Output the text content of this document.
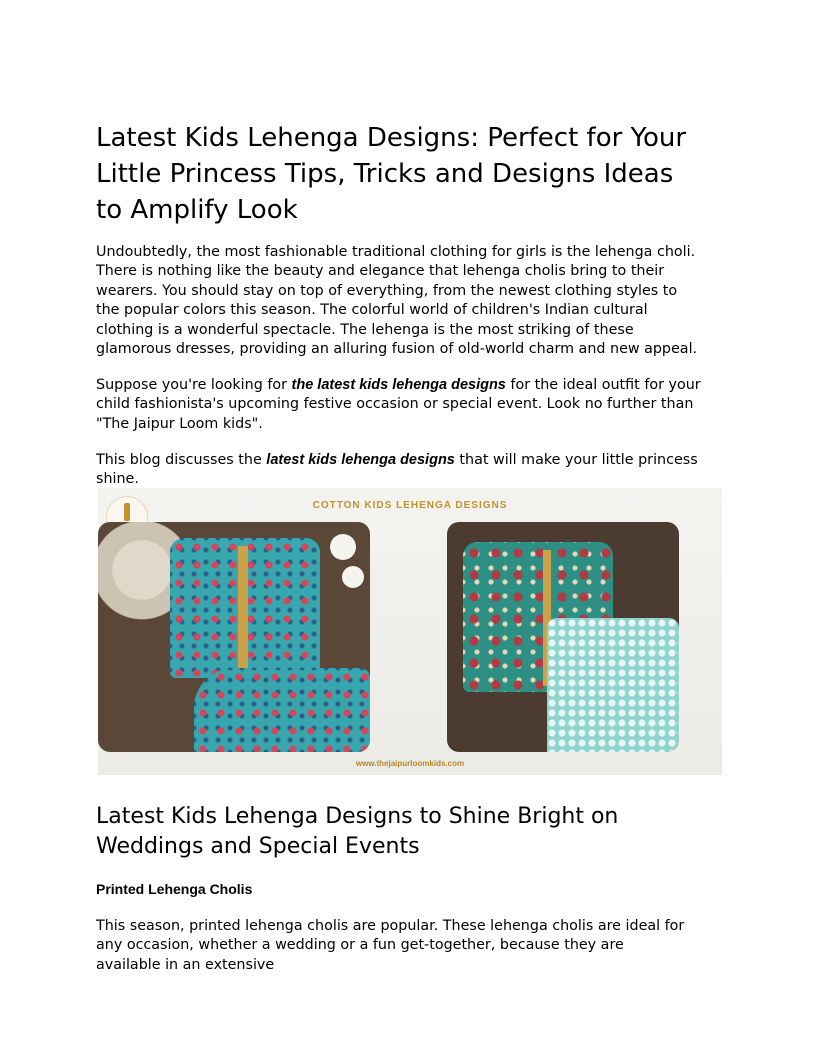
Latest Kids Lehenga Designs: Perfect for Your
Little Princess Tips, Tricks and Designs Ideas
to Amplify Look

Undoubtedly, the most fashionable traditional clothing for girls is the lehenga choli.
There is nothing like the beauty and elegance that lehenga cholis bring to their
wearers. You should stay on top of everything, from the newest clothing styles to
the popular colors this season. The colorful world of children's Indian cultural
clothing is a wonderful spectacle. The lehenga is the most striking of these
glamorous dresses, providing an alluring fusion of old-world charm and new appeal.

Suppose you're looking for the latest kids lehenga designs for the ideal outfit for your
child fashionista's upcoming festive occasion or special event. Look no further than
"The Jaipur Loom kids".

This blog discusses the latest kids lehenga designs that will make your little princess
shine.

COTTON KIDS LEHENGA DESIGNS
www.thejaipurloomkids.com
Latest Kids Lehenga Designs to Shine Bright on
Weddings and Special Events
Printed Lehenga Cholis

This season, printed lehenga cholis are popular. These lehenga cholis are ideal for
any occasion, whether a wedding or a fun get-together, because they are
available in an extensive
